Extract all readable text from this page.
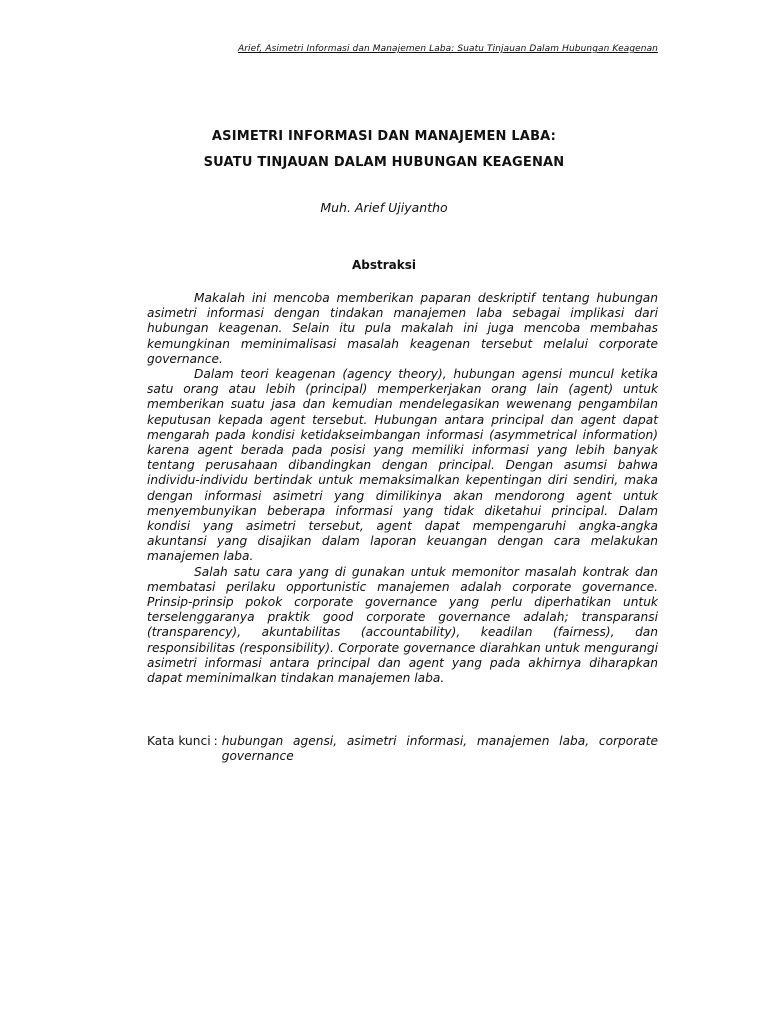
Arief, Asimetri Informasi dan Manajemen Laba: Suatu Tinjauan Dalam Hubungan Keagenan
ASIMETRI INFORMASI DAN MANAJEMEN LABA:
SUATU TINJAUAN DALAM HUBUNGAN KEAGENAN
Muh. Arief Ujiyantho
Abstraksi

Makalah ini mencoba memberikan paparan deskriptif tentang hubungan asimetri informasi dengan tindakan manajemen laba sebagai implikasi dari hubungan keagenan. Selain itu pula makalah ini juga mencoba membahas kemungkinan meminimalisasi masalah keagenan tersebut melalui corporate governance.

Dalam teori keagenan (agency theory), hubungan agensi muncul ketika satu orang atau lebih (principal) memperkerjakan orang lain (agent) untuk memberikan suatu jasa dan kemudian mendelegasikan wewenang pengambilan keputusan kepada agent tersebut. Hubungan antara principal dan agent dapat mengarah pada kondisi ketidakseimbangan informasi (asymmetrical information) karena agent berada pada posisi yang memiliki informasi yang lebih banyak tentang perusahaan dibandingkan dengan principal. Dengan asumsi bahwa individu-individu bertindak untuk memaksimalkan kepentingan diri sendiri, maka dengan informasi asimetri yang dimilikinya akan mendorong agent untuk menyembunyikan beberapa informasi yang tidak diketahui principal. Dalam kondisi yang asimetri tersebut, agent dapat mempengaruhi angka-angka akuntansi yang disajikan dalam laporan keuangan dengan cara melakukan manajemen laba.

Salah satu cara yang di gunakan untuk memonitor masalah kontrak dan membatasi perilaku opportunistic manajemen adalah corporate governance. Prinsip-prinsip pokok corporate governance yang perlu diperhatikan untuk terselenggaranya praktik good corporate governance adalah; transparansi (transparency), akuntabilitas (accountability), keadilan (fairness), dan responsibilitas (responsibility). Corporate governance diarahkan untuk mengurangi asimetri informasi antara principal dan agent yang pada akhirnya diharapkan dapat meminimalkan tindakan manajemen laba.

Kata kunci : hubungan agensi, asimetri informasi, manajemen laba, corporate governance
